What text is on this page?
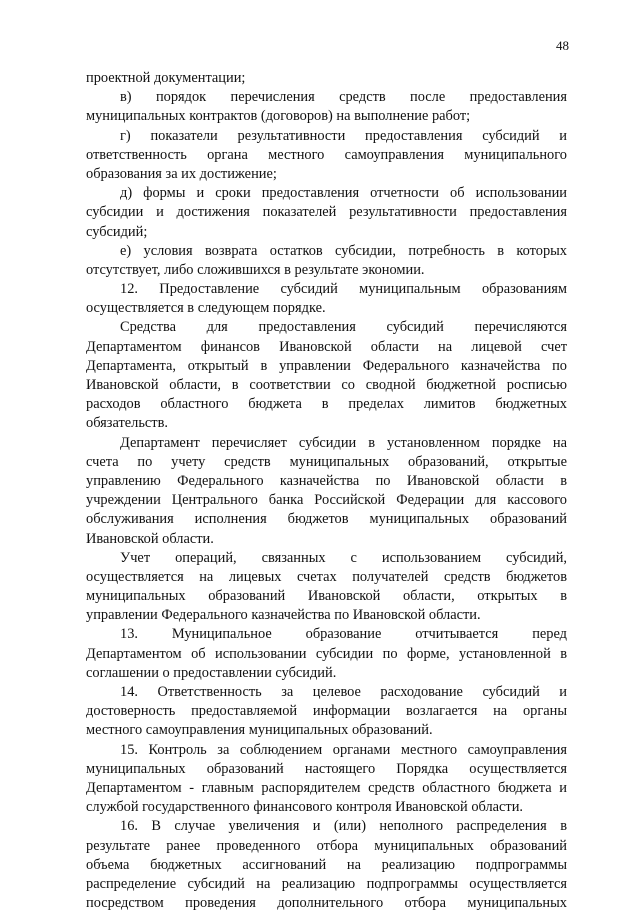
48
проектной документации;
в) порядок перечисления средств после предоставления
муниципальных контрактов (договоров) на выполнение работ;
г) показатели результативности предоставления субсидий и
ответственность органа местного самоуправления муниципального
образования за их достижение;
д) формы и сроки предоставления отчетности об использовании
субсидии и достижения показателей результативности предоставления
субсидий;
е) условия возврата остатков субсидии, потребность в которых
отсутствует, либо сложившихся в результате экономии.
12. Предоставление субсидий муниципальным образованиям
осуществляется в следующем порядке.
Средства для предоставления субсидий перечисляются
Департаментом финансов Ивановской области на лицевой счет
Департамента, открытый в управлении Федерального казначейства по
Ивановской области, в соответствии со сводной бюджетной росписью
расходов областного бюджета в пределах лимитов бюджетных
обязательств.
Департамент перечисляет субсидии в установленном порядке на
счета по учету средств муниципальных образований, открытые
управлению Федерального казначейства по Ивановской области в
учреждении Центрального банка Российской Федерации для кассового
обслуживания исполнения бюджетов муниципальных образований
Ивановской области.
Учет операций, связанных с использованием субсидий,
осуществляется на лицевых счетах получателей средств бюджетов
муниципальных образований Ивановской области, открытых в
управлении Федерального казначейства по Ивановской области.
13. Муниципальное образование отчитывается перед
Департаментом об использовании субсидии по форме, установленной в
соглашении о предоставлении субсидий.
14. Ответственность за целевое расходование субсидий и
достоверность предоставляемой информации возлагается на органы
местного самоуправления муниципальных образований.
15. Контроль за соблюдением органами местного самоуправления
муниципальных образований настоящего Порядка осуществляется
Департаментом - главным распорядителем средств областного бюджета и
службой государственного финансового контроля Ивановской области.
16. В случае увеличения и (или) неполного распределения в
результате ранее проведенного отбора муниципальных образований
объема бюджетных ассигнований на реализацию подпрограммы
распределение субсидий на реализацию подпрограммы осуществляется
посредством проведения дополнительного отбора муниципальных
